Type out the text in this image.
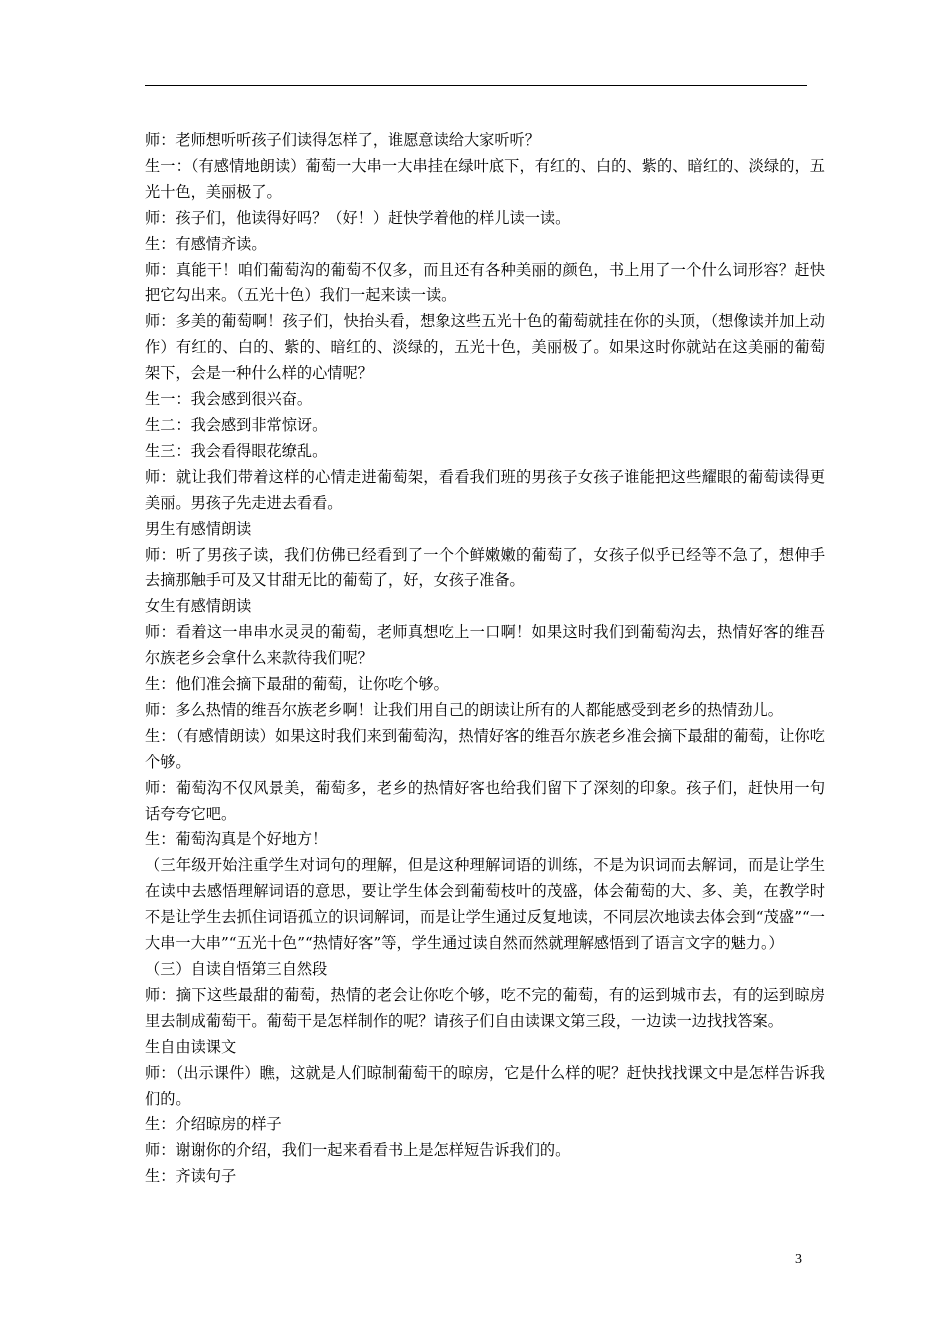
师：老师想听听孩子们读得怎样了，谁愿意读给大家听听？

生一：（有感情地朗读）葡萄一大串一大串挂在绿叶底下，有红的、白的、紫的、暗红的、淡绿的，五光十色，美丽极了。

师：孩子们，他读得好吗？（好！）赶快学着他的样儿读一读。

生：有感情齐读。

师：真能干！咱们葡萄沟的葡萄不仅多，而且还有各种美丽的颜色，书上用了一个什么词形容？赶快把它勾出来。（五光十色）我们一起来读一读。

师：多美的葡萄啊！孩子们，快抬头看，想象这些五光十色的葡萄就挂在你的头顶，（想像读并加上动作）有红的、白的、紫的、暗红的、淡绿的，五光十色，美丽极了。如果这时你就站在这美丽的葡萄架下，会是一种什么样的心情呢？

生一：我会感到很兴奋。

生二：我会感到非常惊讶。

生三：我会看得眼花缭乱。

师：就让我们带着这样的心情走进葡萄架，看看我们班的男孩子女孩子谁能把这些耀眼的葡萄读得更美丽。男孩子先走进去看看。

男生有感情朗读

师：听了男孩子读，我们仿佛已经看到了一个个鲜嫩嫩的葡萄了，女孩子似乎已经等不急了，想伸手去摘那触手可及又甘甜无比的葡萄了，好，女孩子准备。

女生有感情朗读

师：看着这一串串水灵灵的葡萄，老师真想吃上一口啊！如果这时我们到葡萄沟去，热情好客的维吾尔族老乡会拿什么来款待我们呢？

生：他们准会摘下最甜的葡萄，让你吃个够。

师：多么热情的维吾尔族老乡啊！让我们用自己的朗读让所有的人都能感受到老乡的热情劲儿。

生：（有感情朗读）如果这时我们来到葡萄沟，热情好客的维吾尔族老乡准会摘下最甜的葡萄，让你吃个够。

师：葡萄沟不仅风景美，葡萄多，老乡的热情好客也给我们留下了深刻的印象。孩子们，赶快用一句话夸夸它吧。

生：葡萄沟真是个好地方！

（三年级开始注重学生对词句的理解，但是这种理解词语的训练，不是为识词而去解词，而是让学生在读中去感悟理解词语的意思，要让学生体会到葡萄枝叶的茂盛，体会葡萄的大、多、美，在教学时不是让学生去抓住词语孤立的识词解词，而是让学生通过反复地读，不同层次地读去体会到“茂盛”“一大串一大串”“五光十色”“热情好客”等，学生通过读自然而然就理解感悟到了语言文字的魅力。）

（三）自读自悟第三自然段

师：摘下这些最甜的葡萄，热情的老会让你吃个够，吃不完的葡萄，有的运到城市去，有的运到晾房里去制成葡萄干。葡萄干是怎样制作的呢？请孩子们自由读课文第三段，一边读一边找找答案。

生自由读课文

师：（出示课件）瞧，这就是人们晾制葡萄干的晾房，它是什么样的呢？赶快找找课文中是怎样告诉我们的。

生：介绍晾房的样子

师：谢谢你的介绍，我们一起来看看书上是怎样短告诉我们的。

生：齐读句子

3
